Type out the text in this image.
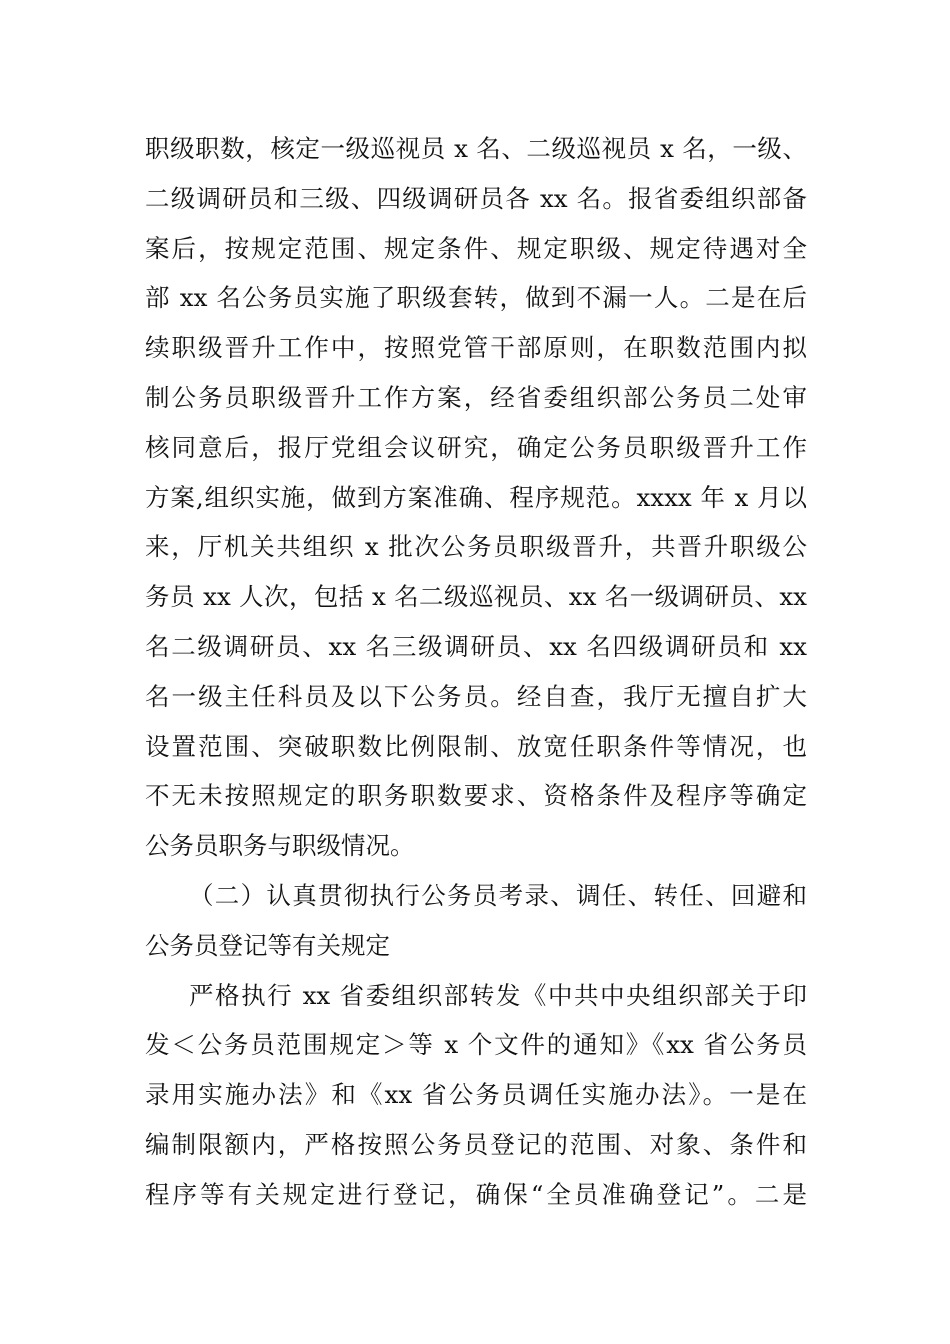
职级职数，核定一级巡视员 x 名、二级巡视员 x 名，一级、
二级调研员和三级、四级调研员各 xx 名。报省委组织部备
案后，按规定范围、规定条件、规定职级、规定待遇对全
部 xx 名公务员实施了职级套转，做到不漏一人。二是在后
续职级晋升工作中，按照党管干部原则，在职数范围内拟
制公务员职级晋升工作方案，经省委组织部公务员二处审
核同意后，报厅党组会议研究，确定公务员职级晋升工作
方案,组织实施，做到方案准确、程序规范。xxxx 年 x 月以
来，厅机关共组织 x 批次公务员职级晋升，共晋升职级公
务员 xx 人次，包括 x 名二级巡视员、xx 名一级调研员、xx
名二级调研员、xx 名三级调研员、xx 名四级调研员和 xx
名一级主任科员及以下公务员。经自查，我厅无擅自扩大
设置范围、突破职数比例限制、放宽任职条件等情况，也
不无未按照规定的职务职数要求、资格条件及程序等确定
公务员职务与职级情况。
（二）认真贯彻执行公务员考录、调任、转任、回避和
公务员登记等有关规定
严格执行 xx 省委组织部转发《中共中央组织部关于印
发＜公务员范围规定＞等 x 个文件的通知》《xx 省公务员
录用实施办法》和《xx 省公务员调任实施办法》。一是在
编制限额内，严格按照公务员登记的范围、对象、条件和
程序等有关规定进行登记，确保“全员准确登记”。二是
